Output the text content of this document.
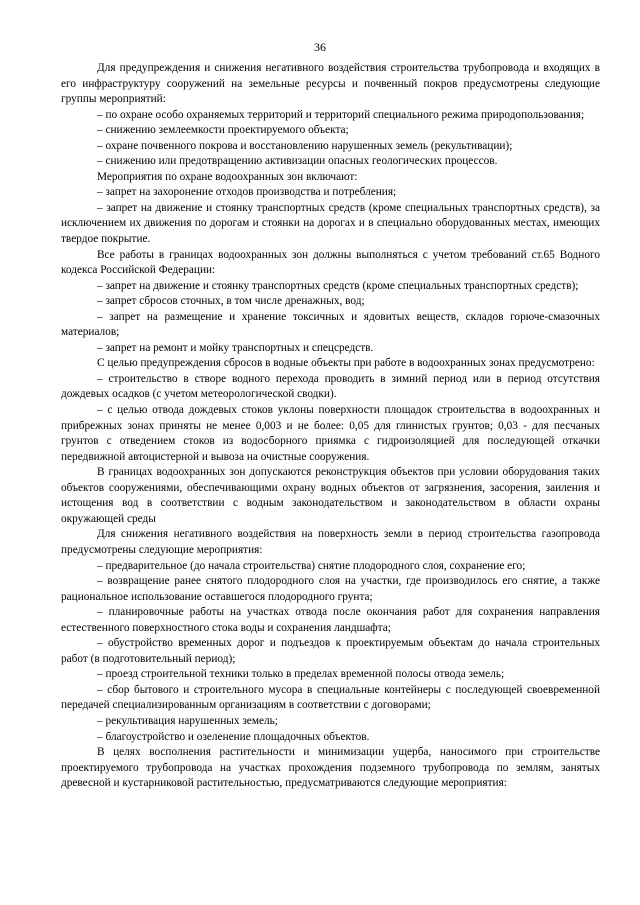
36

Для предупреждения и снижения негативного воздействия строительства трубопровода и входящих в его инфраструктуру сооружений на земельные ресурсы и почвенный покров предусмотрены следующие группы мероприятий:

– по охране особо охраняемых территорий и территорий специального режима природопользования;

– снижению землеемкости проектируемого объекта;

– охране почвенного покрова и восстановлению нарушенных земель (рекультивации);

– снижению или предотвращению активизации опасных геологических процессов.

Мероприятия по охране водоохранных зон включают:

– запрет на захоронение отходов производства и потребления;

– запрет на движение и стоянку транспортных средств (кроме специальных транспортных средств), за исключением их движения по дорогам и стоянки на дорогах и в специально оборудованных местах, имеющих твердое покрытие.

Все работы в границах водоохранных зон должны выполняться с учетом требований ст.65 Водного кодекса Российской Федерации:

– запрет на движение и стоянку транспортных средств (кроме специальных транспортных средств);

– запрет сбросов сточных, в том числе дренажных, вод;

– запрет на размещение и хранение токсичных и ядовитых веществ, складов горюче-смазочных материалов;

– запрет на ремонт и мойку транспортных и спецсредств.

С целью предупреждения сбросов в водные объекты при работе в водоохранных зонах предусмотрено:

– строительство в створе водного перехода проводить в зимний период или в период отсутствия дождевых осадков (с учетом метеорологической сводки).

– с целью отвода дождевых стоков уклоны поверхности площадок строительства в водоохранных и прибрежных зонах приняты не менее 0,003 и не более: 0,05 для глинистых грунтов; 0,03 - для песчаных грунтов с отведением стоков из водосборного приямка с гидроизоляцией для последующей откачки передвижной автоцистерной и вывоза на очистные сооружения.

В границах водоохранных зон допускаются реконструкция объектов при условии оборудования таких объектов сооружениями, обеспечивающими охрану водных объектов от загрязнения, засорения, заиления и истощения вод в соответствии с водным законодательством и законодательством в области охраны окружающей среды

Для снижения негативного воздействия на поверхность земли в период строительства газопровода предусмотрены следующие мероприятия:

– предварительное (до начала строительства) снятие плодородного слоя, сохранение его;

– возвращение ранее снятого плодородного слоя на участки, где производилось его снятие, а также рациональное использование оставшегося плодородного грунта;

– планировочные работы на участках отвода после окончания работ для сохранения направления естественного поверхностного стока воды и сохранения ландшафта;

– обустройство временных дорог и подъездов к проектируемым объектам до начала строительных работ (в подготовительный период);

– проезд строительной техники только в пределах временной полосы отвода земель;

– сбор бытового и строительного мусора в специальные контейнеры с последующей своевременной передачей специализированным организациям в соответствии с договорами;

– рекультивация нарушенных земель;

– благоустройство и озеленение площадочных объектов.

В целях восполнения растительности и минимизации ущерба, наносимого при строительстве проектируемого трубопровода на участках прохождения подземного трубопровода по землям, занятых древесной и кустарниковой растительностью, предусматриваются следующие мероприятия:
